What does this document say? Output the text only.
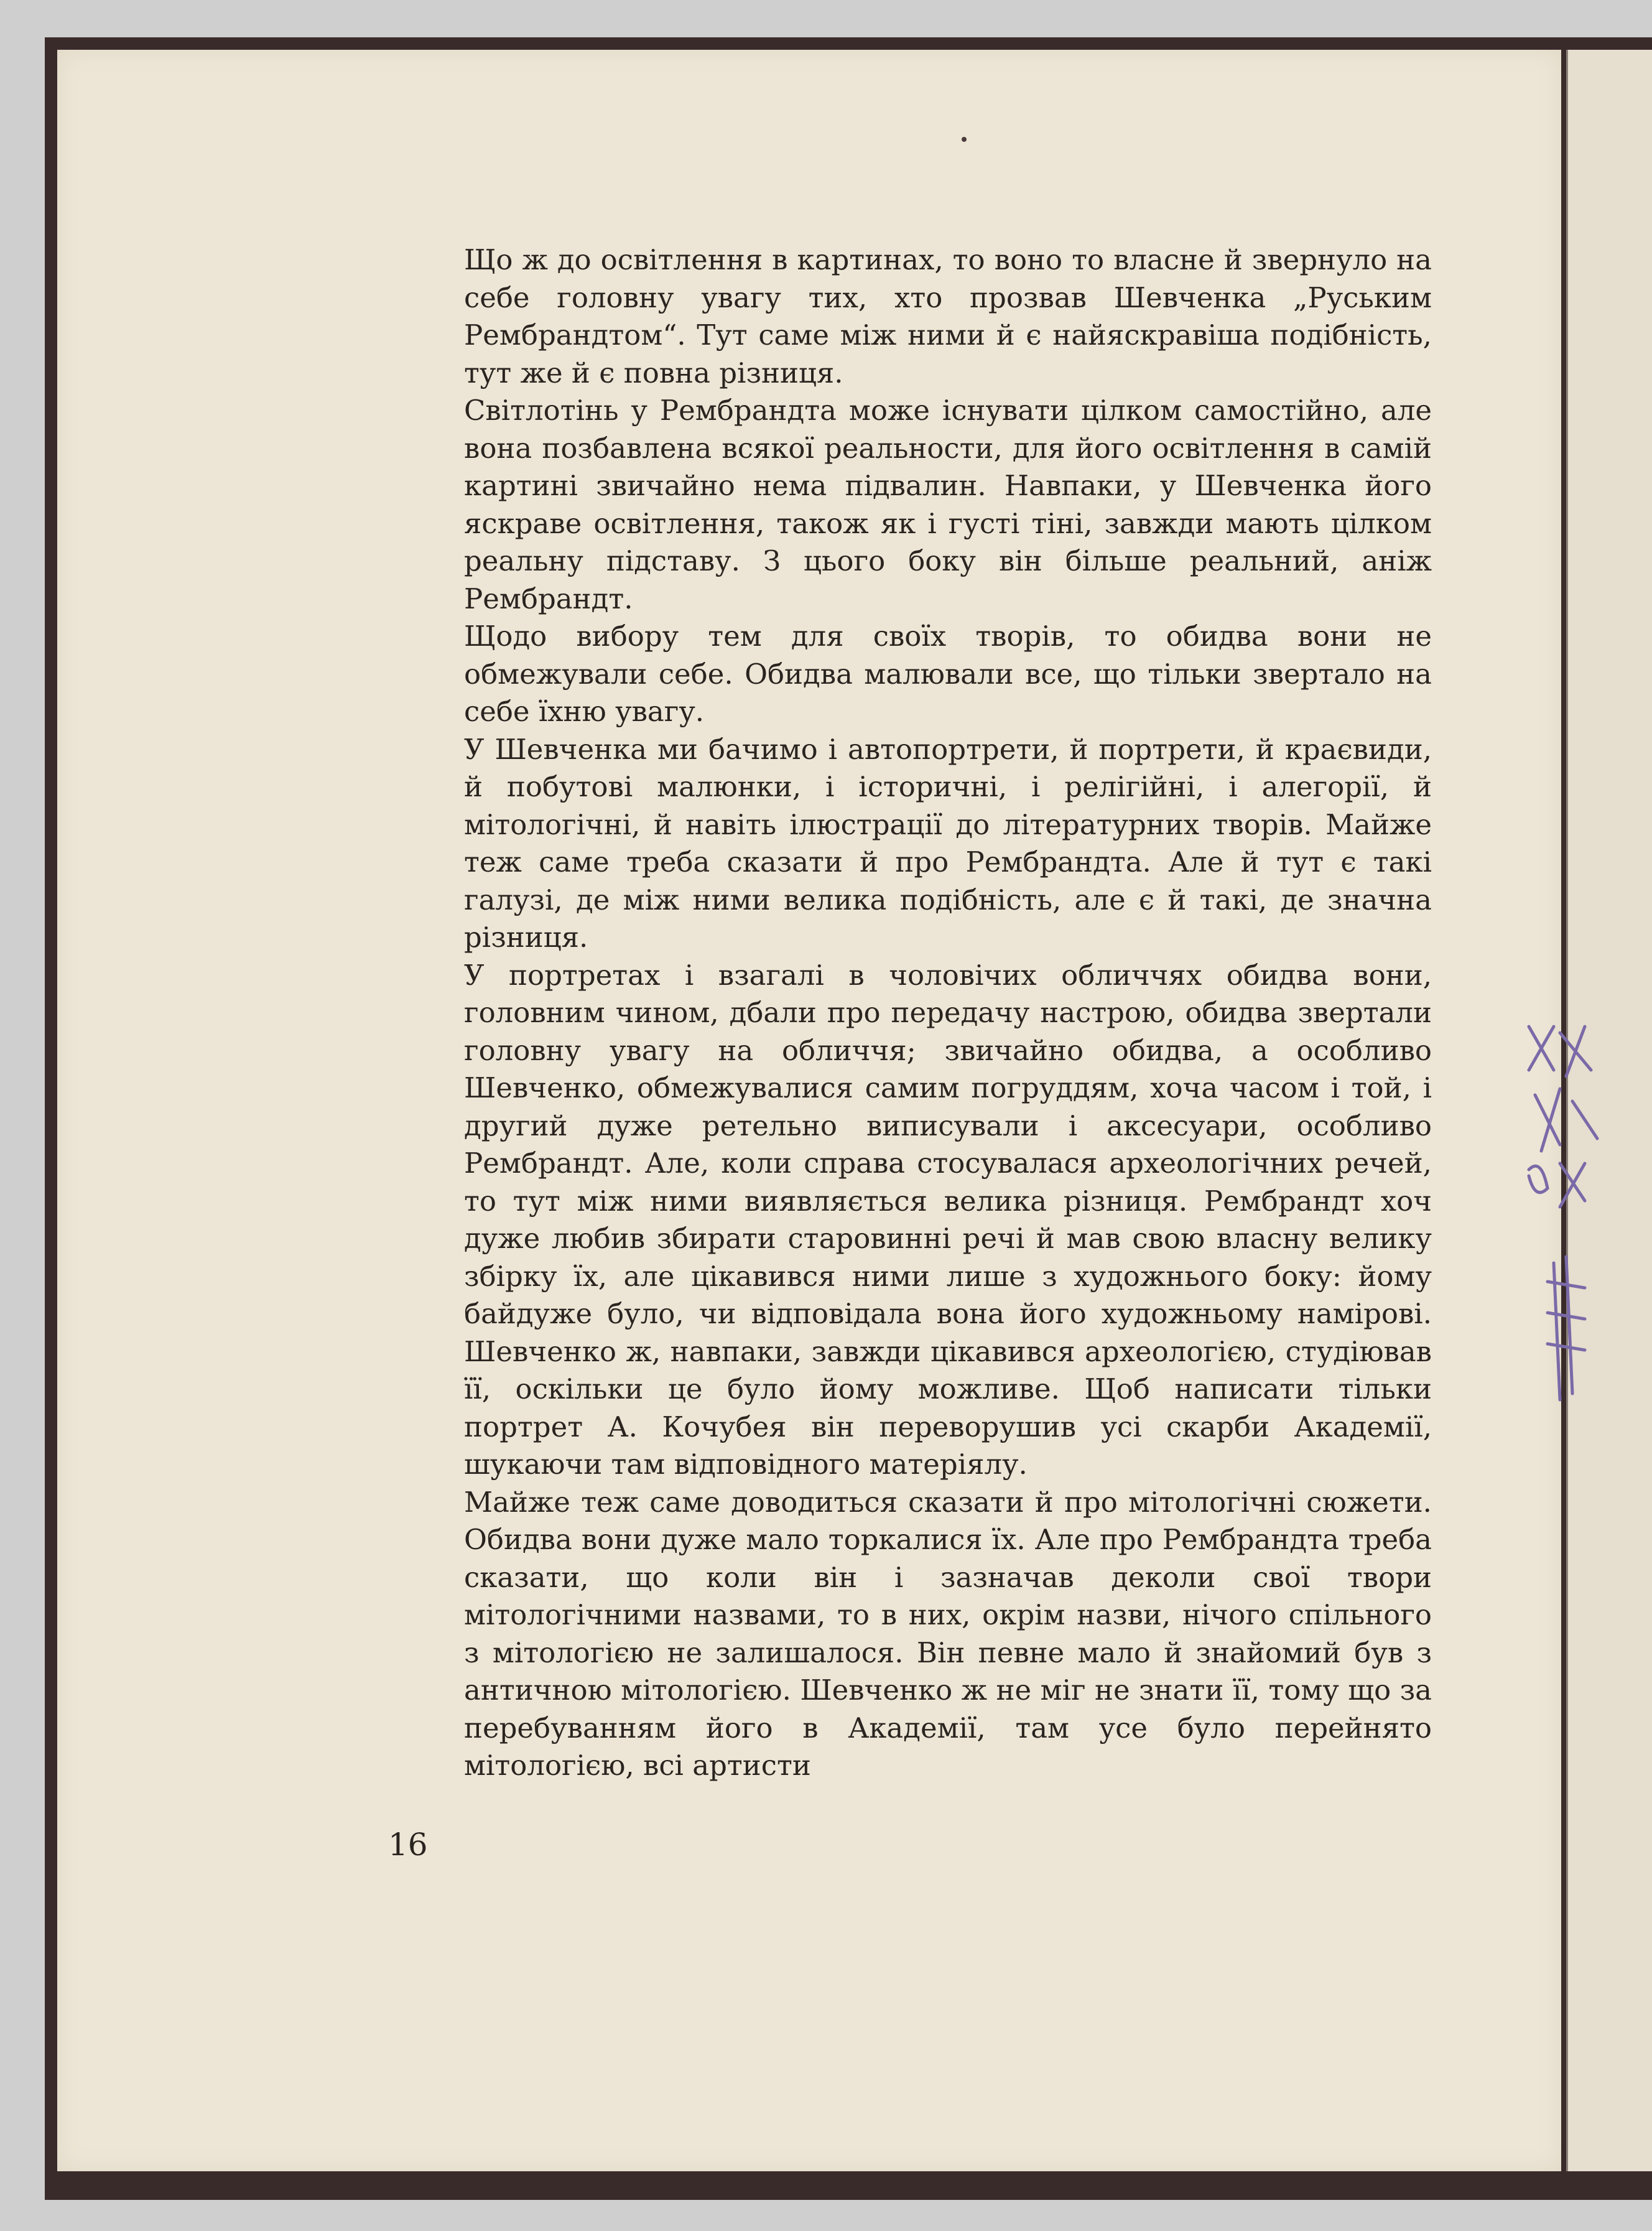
Що ж до освітлення в картинах, то воно то власне й звернуло на себе головну увагу тих, хто прозвав Шевченка „Руським Рембрандтом“. Тут саме між ними й є найяскравіша подібність, тут же й є повна різниця.

Світлотінь у Рембрандта може існувати цілком самостійно, але вона позбавлена всякої реальности, для його освітлення в самій картині звичайно нема підвалин. Навпаки, у Шевченка його яскраве освітлення, також як і густі тіні, завжди мають цілком реальну підставу. З цього боку він більше реальний, аніж Рембрандт.

Щодо вибору тем для своїх творів, то обидва вони не обмежували себе. Обидва малювали все, що тільки звертало на себе їхню увагу.

У Шевченка ми бачимо і автопортрети, й портрети, й краєвиди, й побутові малюнки, і історичні, і релігійні, і алегорії, й мітологічні, й навіть ілюстрації до літературних творів. Майже теж саме треба сказати й про Рембрандта. Але й тут є такі галузі, де між ними велика подібність, але є й такі, де значна різниця.

У портретах і взагалі в чоловічих обличчях обидва вони, головним чином, дбали про передачу настрою, обидва звертали головну увагу на обличчя; звичайно обидва, а особливо Шевченко, обмежувалися самим погруддям, хоча часом і той, і другий дуже ретельно виписували і аксесуари, особливо Рембрандт. Але, коли справа стосувалася археологічних речей, то тут між ними виявляється велика різниця. Рембрандт хоч дуже любив збирати старовинні речі й мав свою власну велику збірку їх, але цікавився ними лише з художнього боку: йому байдуже було, чи відповідала вона його художньому намірові. Шевченко ж, навпаки, завжди цікавився археологією, студіював її, оскільки це було йому можливе. Щоб написати тільки портрет А. Кочубея він переворушив усі скарби Академії, шукаючи там відповідного матеріялу.

Майже теж саме доводиться сказати й про мітологічні сюжети. Обидва вони дуже мало торкалися їх. Але про Рембрандта треба сказати, що коли він і зазначав деколи свої твори мітологічними назвами, то в них, окрім назви, нічого спільного з мітологією не залишалося. Він певне мало й знайомий був з античною мітологією. Шевченко ж не міг не знати її, тому що за перебуванням його в Академії, там усе було перейнято мітологією, всі артисти

16
